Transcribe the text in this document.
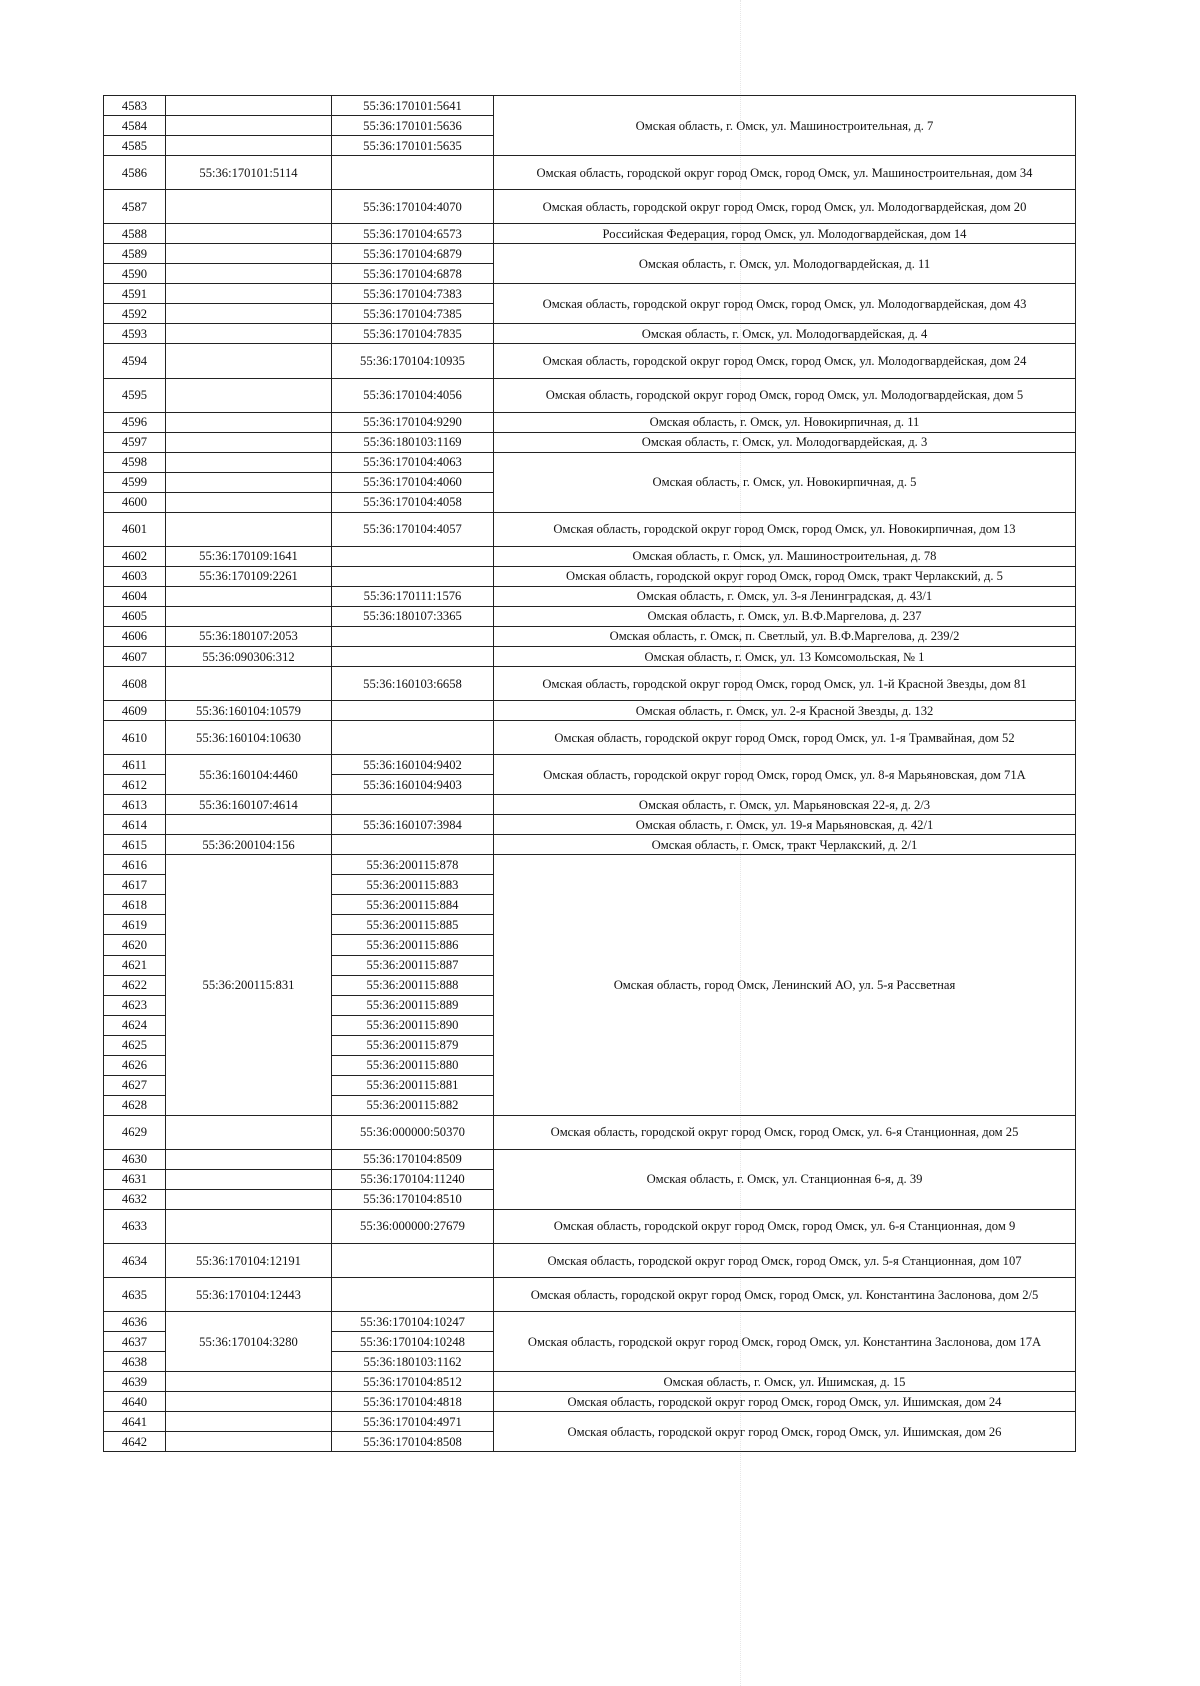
4583		55:36:170101:5641	Омская область, г. Омск, ул. Машиностроительная, д. 7
4584		55:36:170101:5636	
4585		55:36:170101:5635	
4586	55:36:170101:5114		Омская область, городской округ город Омск, город Омск, ул. Машиностроительная, дом 34
4587		55:36:170104:4070	Омская область, городской округ город Омск, город Омск, ул. Молодогвардейская, дом 20
4588		55:36:170104:6573	Российская Федерация, город Омск, ул. Молодогвардейская, дом 14
4589		55:36:170104:6879	Омская область, г. Омск, ул. Молодогвардейская, д. 11
4590		55:36:170104:6878	
4591		55:36:170104:7383	Омская область, городской округ город Омск, город Омск, ул. Молодогвардейская, дом 43
4592		55:36:170104:7385	
4593		55:36:170104:7835	Омская область, г. Омск, ул. Молодогвардейская, д. 4
4594		55:36:170104:10935	Омская область, городской округ город Омск, город Омск, ул. Молодогвардейская, дом 24
4595		55:36:170104:4056	Омская область, городской округ город Омск, город Омск, ул. Молодогвардейская, дом 5
4596		55:36:170104:9290	Омская область, г. Омск, ул. Новокирпичная, д. 11
4597		55:36:180103:1169	Омская область, г. Омск, ул. Молодогвардейская, д. 3
4598		55:36:170104:4063	Омская область, г. Омск, ул. Новокирпичная, д. 5
4599		55:36:170104:4060	
4600		55:36:170104:4058	
4601		55:36:170104:4057	Омская область, городской округ город Омск, город Омск, ул. Новокирпичная, дом 13
4602	55:36:170109:1641		Омская область, г. Омск, ул. Машиностроительная, д. 78
4603	55:36:170109:2261		Омская область, городской округ город Омск, город Омск, тракт Черлакский, д. 5
4604		55:36:170111:1576	Омская область, г. Омск, ул. 3-я Ленинградская, д. 43/1
4605		55:36:180107:3365	Омская область, г. Омск, ул. В.Ф.Маргелова, д. 237
4606	55:36:180107:2053		Омская область, г. Омск, п. Светлый, ул. В.Ф.Маргелова, д. 239/2
4607	55:36:090306:312		Омская область, г. Омск, ул. 13 Комсомольская, № 1
4608		55:36:160103:6658	Омская область, городской округ город Омск, город Омск, ул. 1-й Красной Звезды, дом 81
4609	55:36:160104:10579		Омская область, г. Омск, ул. 2-я Красной Звезды, д. 132
4610	55:36:160104:10630		Омская область, городской округ город Омск, город Омск, ул. 1-я Трамвайная, дом 52
4611	55:36:160104:4460	55:36:160104:9402	Омская область, городской округ город Омск, город Омск, ул. 8-я Марьяновская, дом 71А
4612		55:36:160104:9403	
4613	55:36:160107:4614		Омская область, г. Омск, ул. Марьяновская 22-я, д. 2/3
4614		55:36:160107:3984	Омская область, г. Омск, ул. 19-я Марьяновская, д. 42/1
4615	55:36:200104:156		Омская область, г. Омск, тракт Черлакский, д. 2/1
4616	55:36:200115:831	55:36:200115:878	Омская область, город Омск, Ленинский АО, ул. 5-я Рассветная
4617		55:36:200115:883	
4618		55:36:200115:884	
4619		55:36:200115:885	
4620		55:36:200115:886	
4621		55:36:200115:887	
4622		55:36:200115:888	
4623		55:36:200115:889	
4624		55:36:200115:890	
4625		55:36:200115:879	
4626		55:36:200115:880	
4627		55:36:200115:881	
4628		55:36:200115:882	
4629		55:36:000000:50370	Омская область, городской округ город Омск, город Омск, ул. 6-я Станционная, дом 25
4630		55:36:170104:8509	Омская область, г. Омск, ул. Станционная 6-я, д. 39
4631		55:36:170104:11240	
4632		55:36:170104:8510	
4633		55:36:000000:27679	Омская область, городской округ город Омск, город Омск, ул. 6-я Станционная, дом 9
4634	55:36:170104:12191		Омская область, городской округ город Омск, город Омск, ул. 5-я Станционная, дом 107
4635	55:36:170104:12443		Омская область, городской округ город Омск, город Омск, ул. Константина Заслонова, дом 2/5
4636	55:36:170104:3280	55:36:170104:10247	Омская область, городской округ город Омск, город Омск, ул. Константина Заслонова, дом 17А
4637		55:36:170104:10248	
4638		55:36:180103:1162	
4639		55:36:170104:8512	Омская область, г. Омск, ул. Ишимская, д. 15
4640		55:36:170104:4818	Омская область, городской округ город Омск, город Омск, ул. Ишимская, дом 24
4641		55:36:170104:4971	Омская область, городской округ город Омск, город Омск, ул. Ишимская, дом 26
4642		55:36:170104:8508	
